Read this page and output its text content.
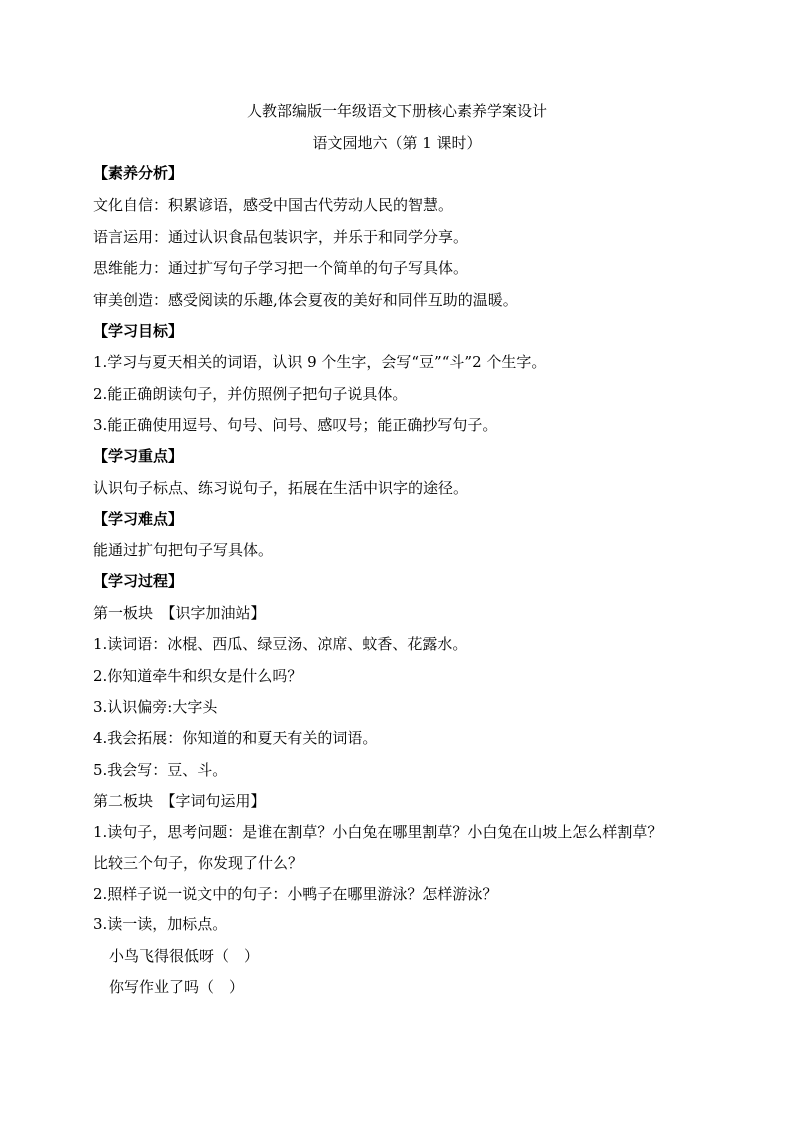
人教部编版一年级语文下册核心素养学案设计
语文园地六（第 1 课时）
【素养分析】
文化自信：积累谚语，感受中国古代劳动人民的智慧。
语言运用：通过认识食品包装识字，并乐于和同学分享。
思维能力：通过扩写句子学习把一个简单的句子写具体。
审美创造：感受阅读的乐趣,体会夏夜的美好和同伴互助的温暖。
【学习目标】
1.学习与夏天相关的词语，认识 9 个生字，会写“豆”“斗”2 个生字。
2.能正确朗读句子，并仿照例子把句子说具体。
3.能正确使用逗号、句号、问号、感叹号；能正确抄写句子。
【学习重点】
认识句子标点、练习说句子，拓展在生活中识字的途径。
【学习难点】
能通过扩句把句子写具体。
【学习过程】
第一板块　【识字加油站】
1.读词语：冰棍、西瓜、绿豆汤、凉席、蚊香、花露水。
2.你知道牵牛和织女是什么吗？
3.认识偏旁:大字头
4.我会拓展：你知道的和夏天有关的词语。
5.我会写：豆、斗。
第二板块　【字词句运用】
1.读句子，思考问题：是谁在割草？小白兔在哪里割草？小白兔在山坡上怎么样割草？
比较三个句子，你发现了什么？
2.照样子说一说文中的句子：小鸭子在哪里游泳？怎样游泳？
3.读一读，加标点。
小鸟飞得很低呀（　）
你写作业了吗（　）
